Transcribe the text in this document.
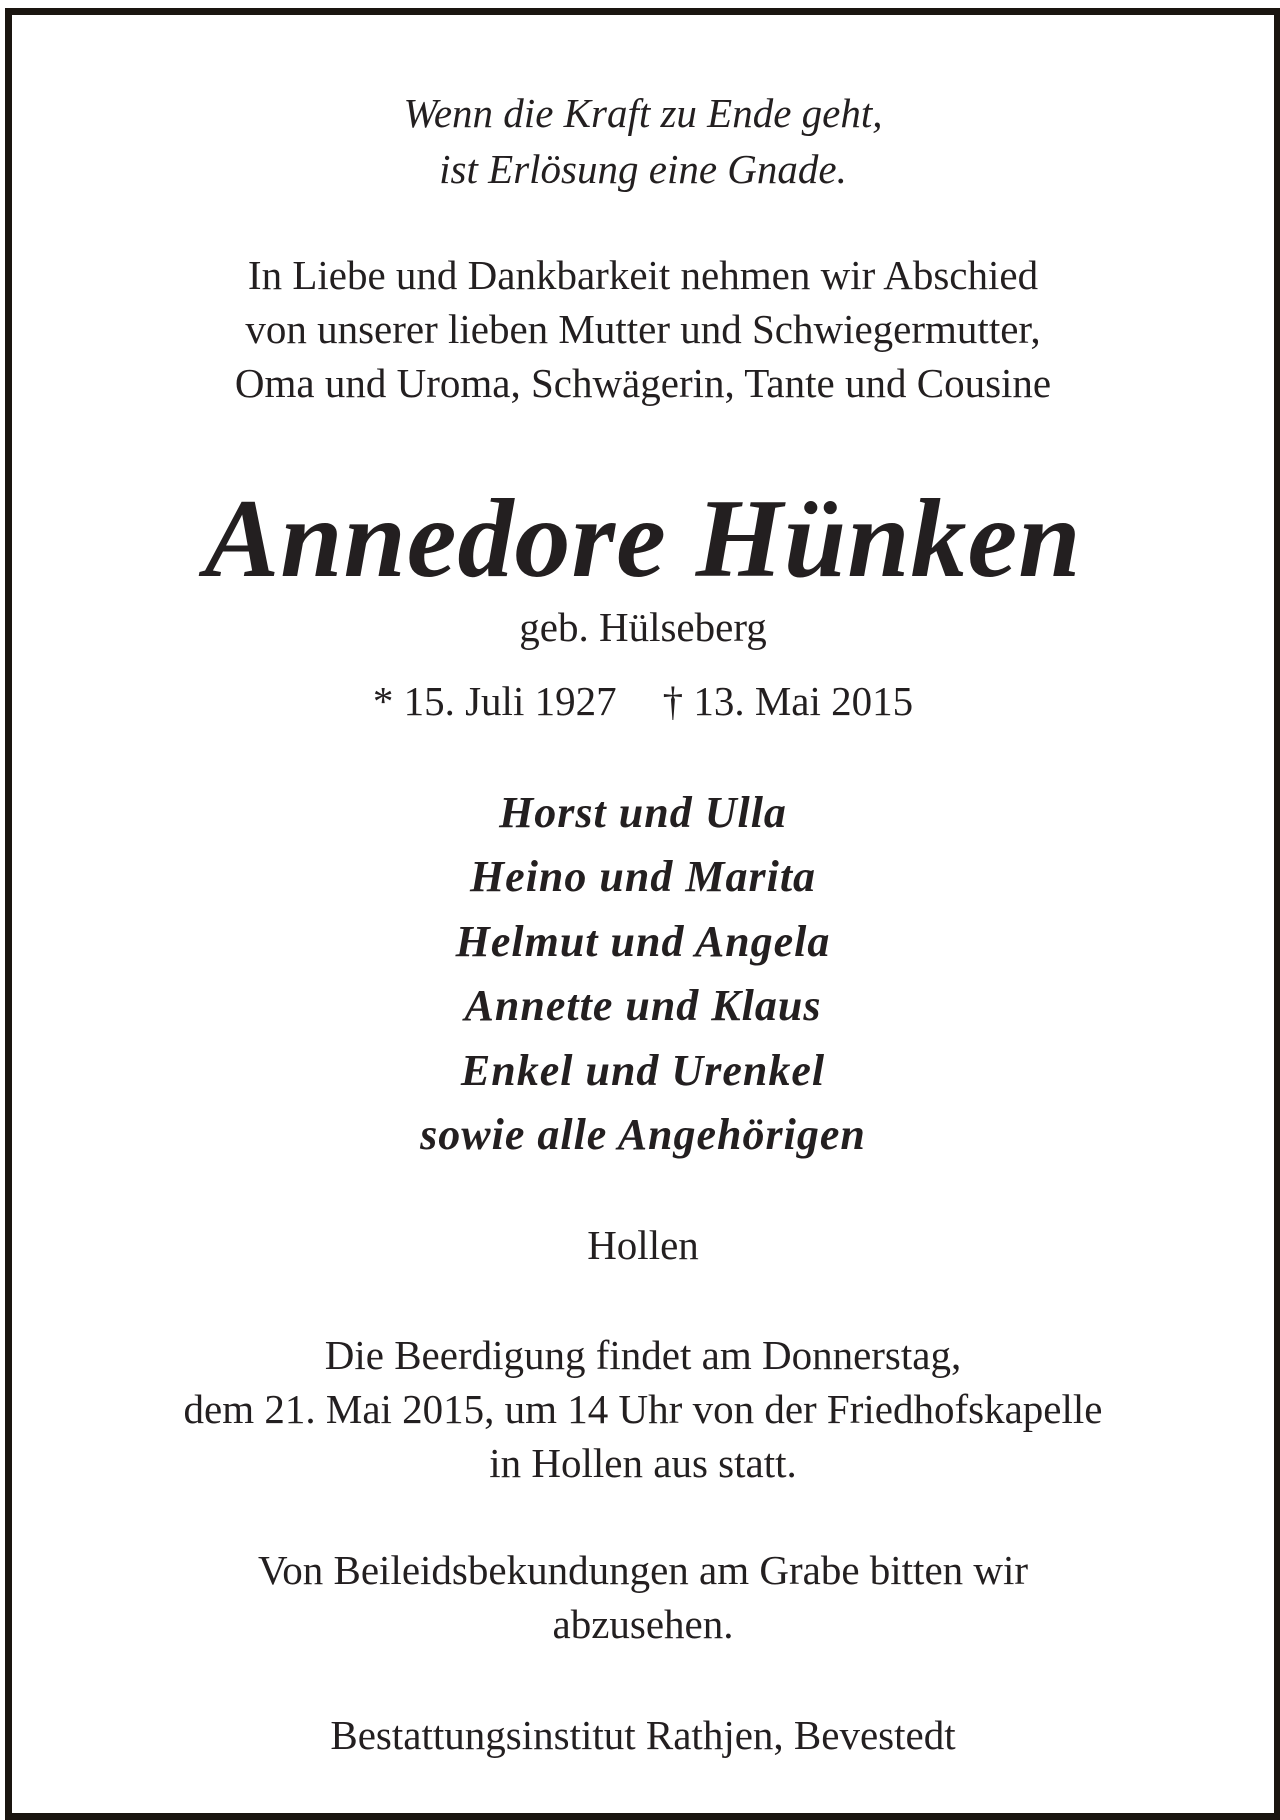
Wenn die Kraft zu Ende geht,
ist Erlösung eine Gnade.
In Liebe und Dankbarkeit nehmen wir Abschied
von unserer lieben Mutter und Schwiegermutter,
Oma und Uroma, Schwägerin, Tante und Cousine
Annedore Hünken
geb. Hülseberg
* 15. Juli 1927 † 13. Mai 2015
Horst und Ulla
Heino und Marita
Helmut und Angela
Annette und Klaus
Enkel und Urenkel
sowie alle Angehörigen
Hollen
Die Beerdigung findet am Donnerstag,
dem 21. Mai 2015, um 14 Uhr von der Friedhofskapelle
in Hollen aus statt.
Von Beileidsbekundungen am Grabe bitten wir
abzusehen.
Bestattungsinstitut Rathjen, Bevestedt
